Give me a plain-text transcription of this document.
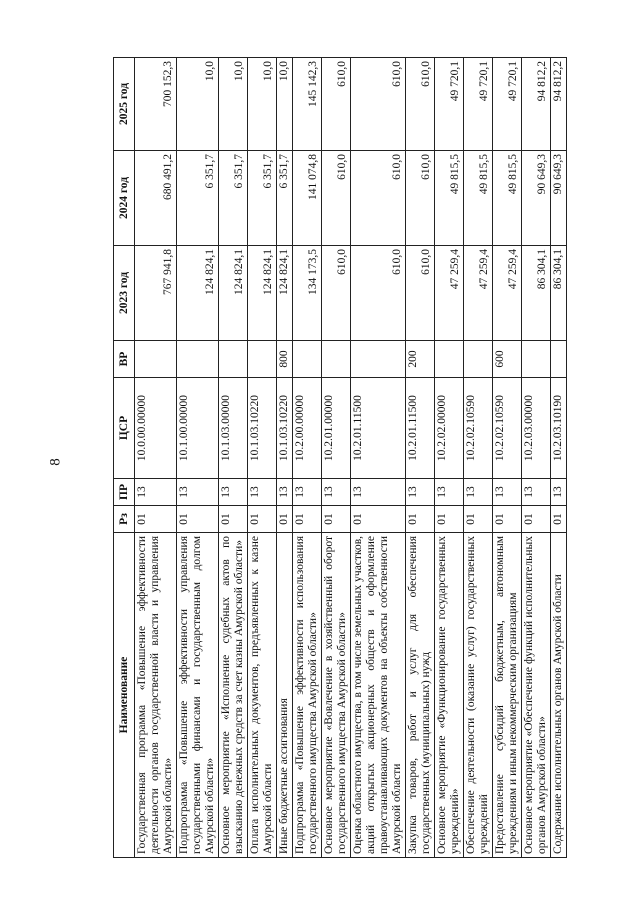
8
Наименование	Рз	ПР	ЦСР	ВР	2023 год	2024 год	2025 год
Государственная программа «Повышение эффективности деятельности органов государственной власти и управления Амурской области»	01	13	10.0.00.00000		767 941,8	680 491,2	700 152,3
Подпрограмма «Повышение эффективности управления государственными финансами и государственным долгом Амурской области»	01	13	10.1.00.00000		124 824,1	6 351,7	10,0
Основное мероприятие «Исполнение судебных актов по взысканию денежных средств за счет казны Амурской области»	01	13	10.1.03.00000		124 824,1	6 351,7	10,0
Оплата исполнительных документов, предъявленных к казне Амурской области	01	13	10.1.03.10220		124 824,1	6 351,7	10,0
Иные бюджетные ассигнования	01	13	10.1.03.10220	800	124 824,1	6 351,7	10,0
Подпрограмма «Повышение эффективности использования государственного имущества Амурской области»	01	13	10.2.00.00000		134 173,5	141 074,8	145 142,3
Основное мероприятие «Вовлечение в хозяйственный оборот государственного имущества Амурской области»	01	13	10.2.01.00000		610,0	610,0	610,0
Оценка областного имущества, в том числе земельных участков, акций открытых акционерных обществ и оформление правоустанавливающих документов на объекты собственности Амурской области	01	13	10.2.01.11500		610,0	610,0	610,0
Закупка товаров, работ и услуг для обеспечения государственных (муниципальных) нужд	01	13	10.2.01.11500	200	610,0	610,0	610,0
Основное мероприятие «Функционирование государственных учреждений»	01	13	10.2.02.00000		47 259,4	49 815,5	49 720,1
Обеспечение деятельности (оказание услуг) государственных учреждений	01	13	10.2.02.10590		47 259,4	49 815,5	49 720,1
Предоставление субсидий бюджетным, автономным учреждениям и иным некоммерческим организациям	01	13	10.2.02.10590	600	47 259,4	49 815,5	49 720,1
Основное мероприятие «Обеспечение функций исполнительных органов Амурской области»	01	13	10.2.03.00000		86 304,1	90 649,3	94 812,2
Содержание исполнительных органов Амурской области	01	13	10.2.03.10190		86 304,1	90 649,3	94 812,2
